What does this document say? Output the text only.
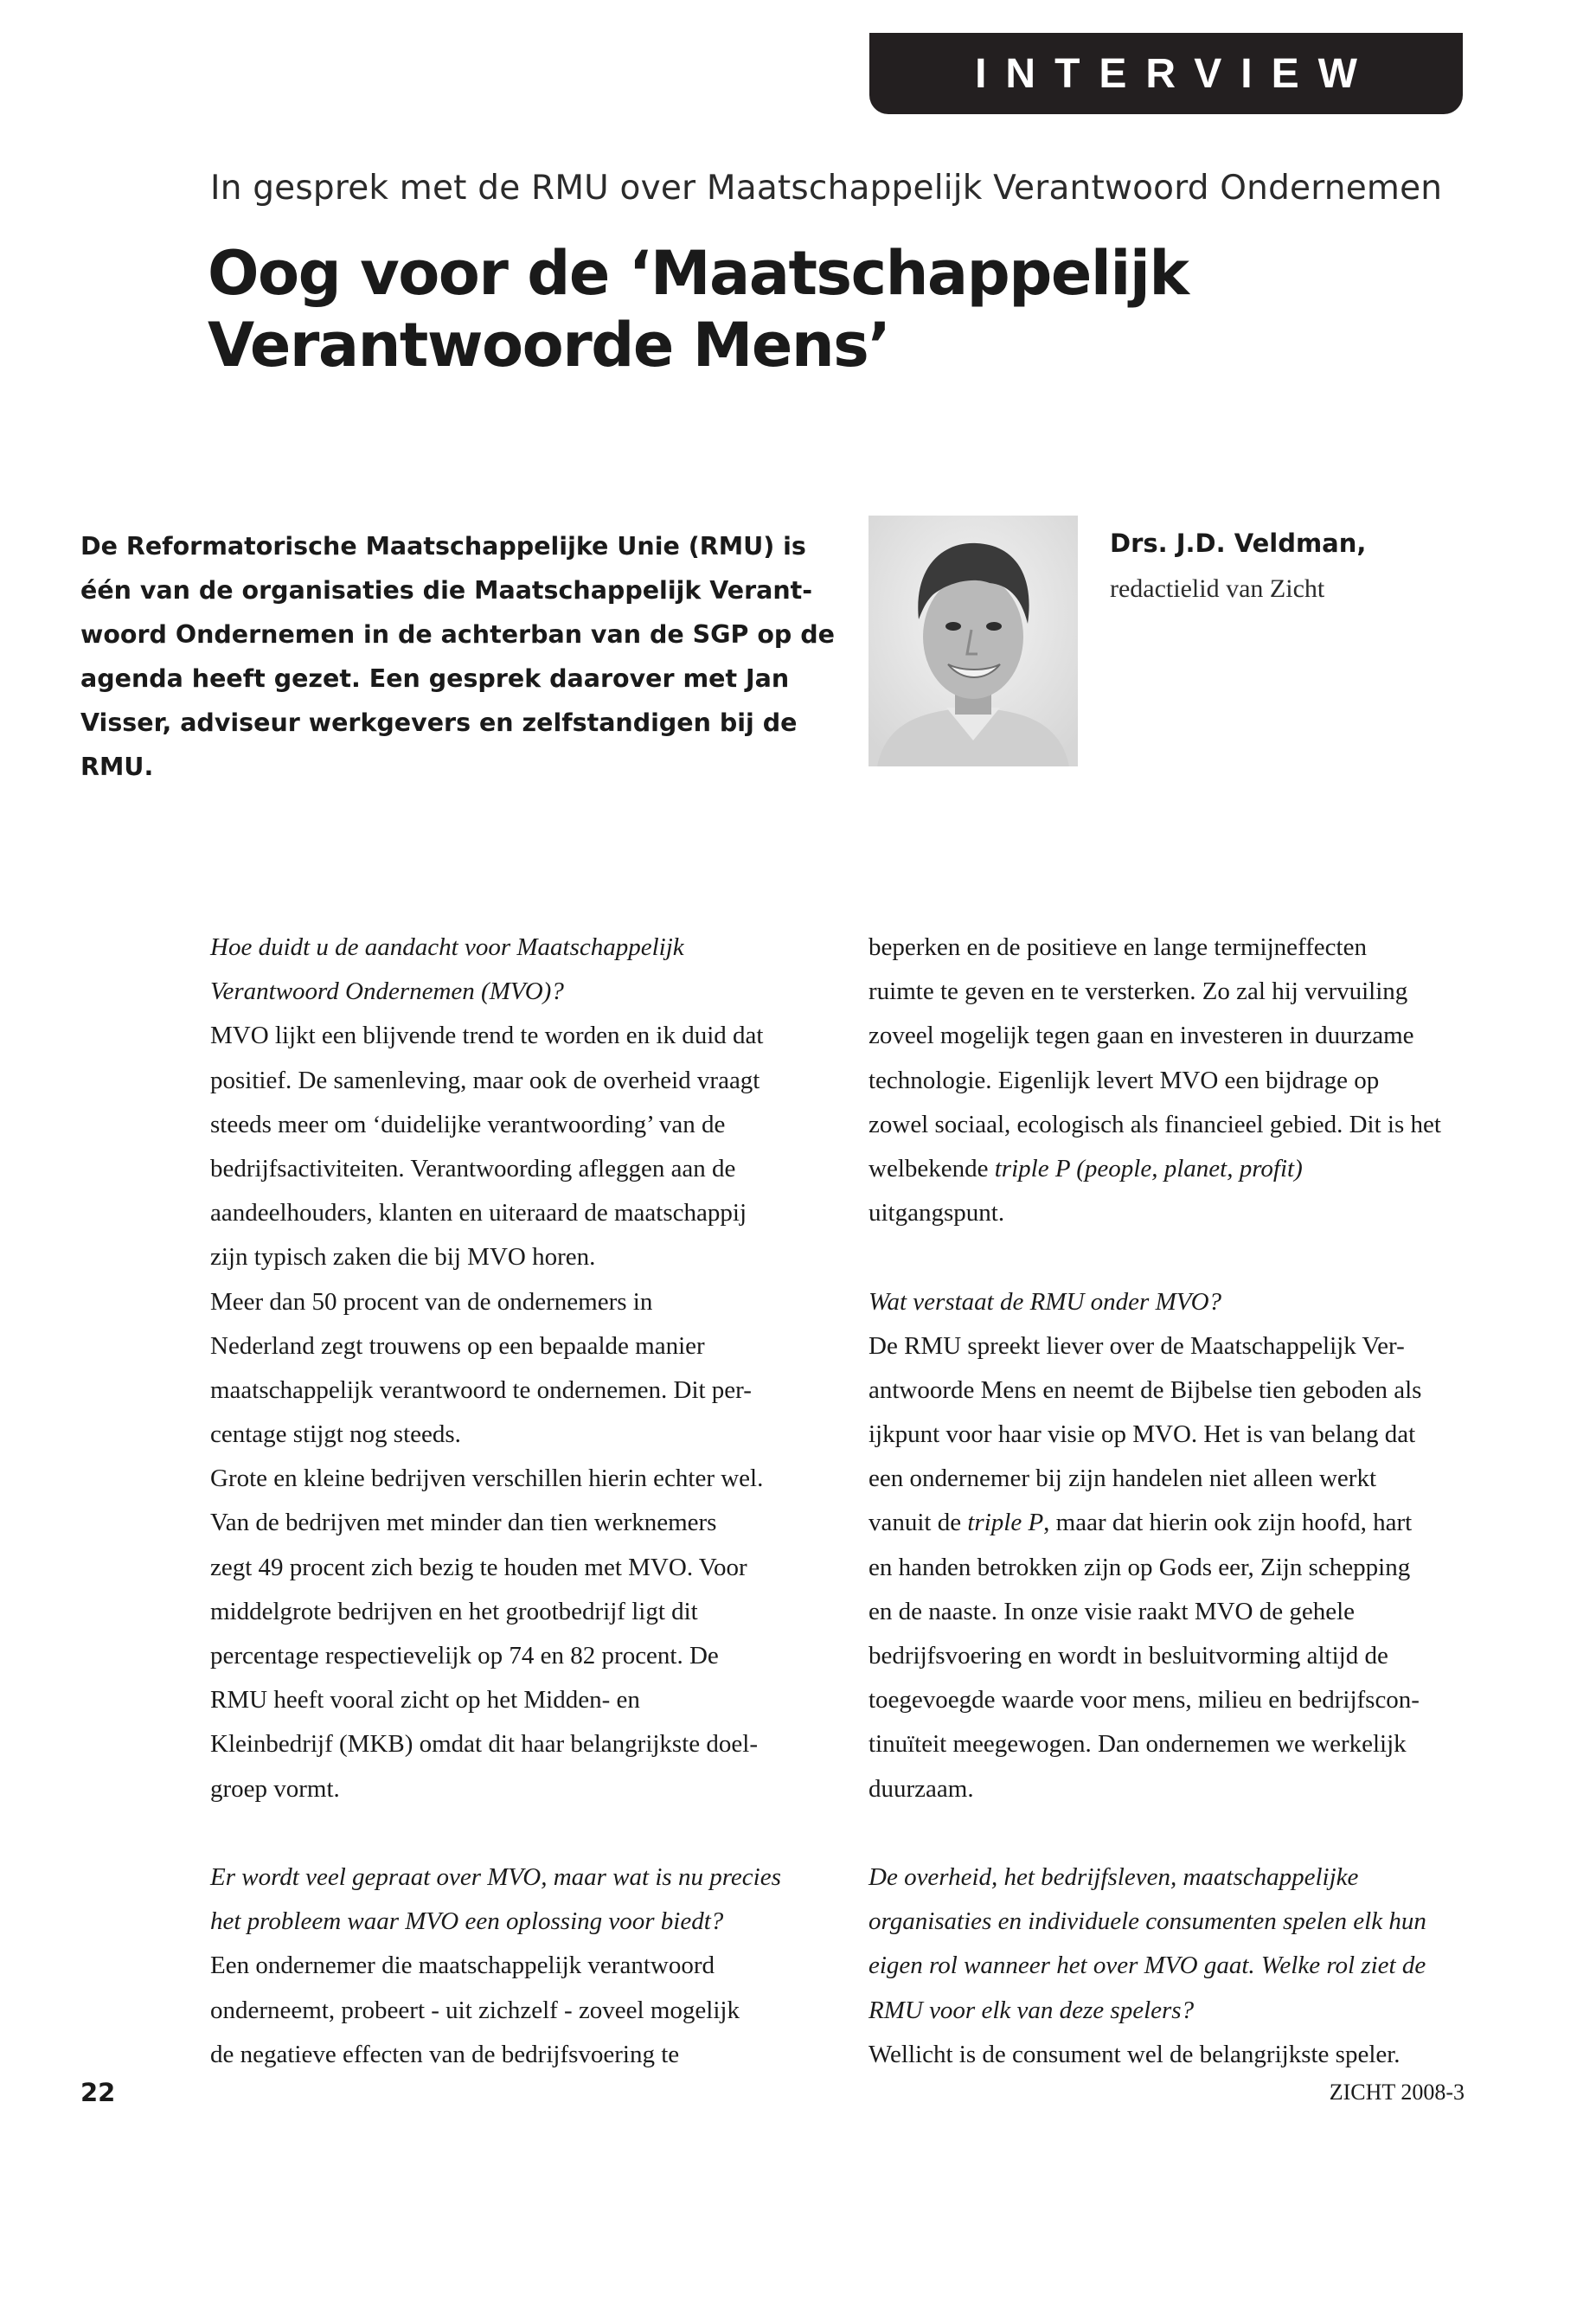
INTERVIEW
In gesprek met de RMU over Maatschappelijk Verantwoord Ondernemen
Oog voor de ‘Maatschappelijk
Verantwoorde Mens’

De Reformatorische Maatschappelijke Unie (RMU) is
één van de organisaties die Maatschappelijk Verant-
woord Ondernemen in de achterban van de SGP op de
agenda heeft gezet. Een gesprek daarover met Jan
Visser, adviseur werkgevers en zelfstandigen bij de
RMU.

Drs. J.D. Veldman,
redactielid van Zicht
Hoe duidt u de aandacht voor Maatschappelijk
Verantwoord Ondernemen (MVO)?
MVO lijkt een blijvende trend te worden en ik duid dat
positief. De samenleving, maar ook de overheid vraagt
steeds meer om ‘duidelijke verantwoording’ van de
bedrijfsactiviteiten. Verantwoording afleggen aan de
aandeelhouders, klanten en uiteraard de maatschappij
zijn typisch zaken die bij MVO horen.
Meer dan 50 procent van de ondernemers in
Nederland zegt trouwens op een bepaalde manier
maatschappelijk verantwoord te ondernemen. Dit per-
centage stijgt nog steeds.
Grote en kleine bedrijven verschillen hierin echter wel.
Van de bedrijven met minder dan tien werknemers
zegt 49 procent zich bezig te houden met MVO. Voor
middelgrote bedrijven en het grootbedrijf ligt dit
percentage respectievelijk op 74 en 82 procent. De
RMU heeft vooral zicht op het Midden- en
Kleinbedrijf (MKB) omdat dit haar belangrijkste doel-
groep vormt.
Er wordt veel gepraat over MVO, maar wat is nu precies
het probleem waar MVO een oplossing voor biedt?
Een ondernemer die maatschappelijk verantwoord
onderneemt, probeert - uit zichzelf - zoveel mogelijk
de negatieve effecten van de bedrijfsvoering te
beperken en de positieve en lange termijneffecten
ruimte te geven en te versterken. Zo zal hij vervuiling
zoveel mogelijk tegen gaan en investeren in duurzame
technologie. Eigenlijk levert MVO een bijdrage op
zowel sociaal, ecologisch als financieel gebied. Dit is het
welbekende triple P (people, planet, profit)
uitgangspunt.
Wat verstaat de RMU onder MVO?
De RMU spreekt liever over de Maatschappelijk Ver-
antwoorde Mens en neemt de Bijbelse tien geboden als
ijkpunt voor haar visie op MVO. Het is van belang dat
een ondernemer bij zijn handelen niet alleen werkt
vanuit de triple P, maar dat hierin ook zijn hoofd, hart
en handen betrokken zijn op Gods eer, Zijn schepping
en de naaste. In onze visie raakt MVO de gehele
bedrijfsvoering en wordt in besluitvorming altijd de
toegevoegde waarde voor mens, milieu en bedrijfscon-
tinuïteit meegewogen. Dan ondernemen we werkelijk
duurzaam.
De overheid, het bedrijfsleven, maatschappelijke
organisaties en individuele consumenten spelen elk hun
eigen rol wanneer het over MVO gaat. Welke rol ziet de
RMU voor elk van deze spelers?
Wellicht is de consument wel de belangrijkste speler.
22	ZICHT 2008-3
